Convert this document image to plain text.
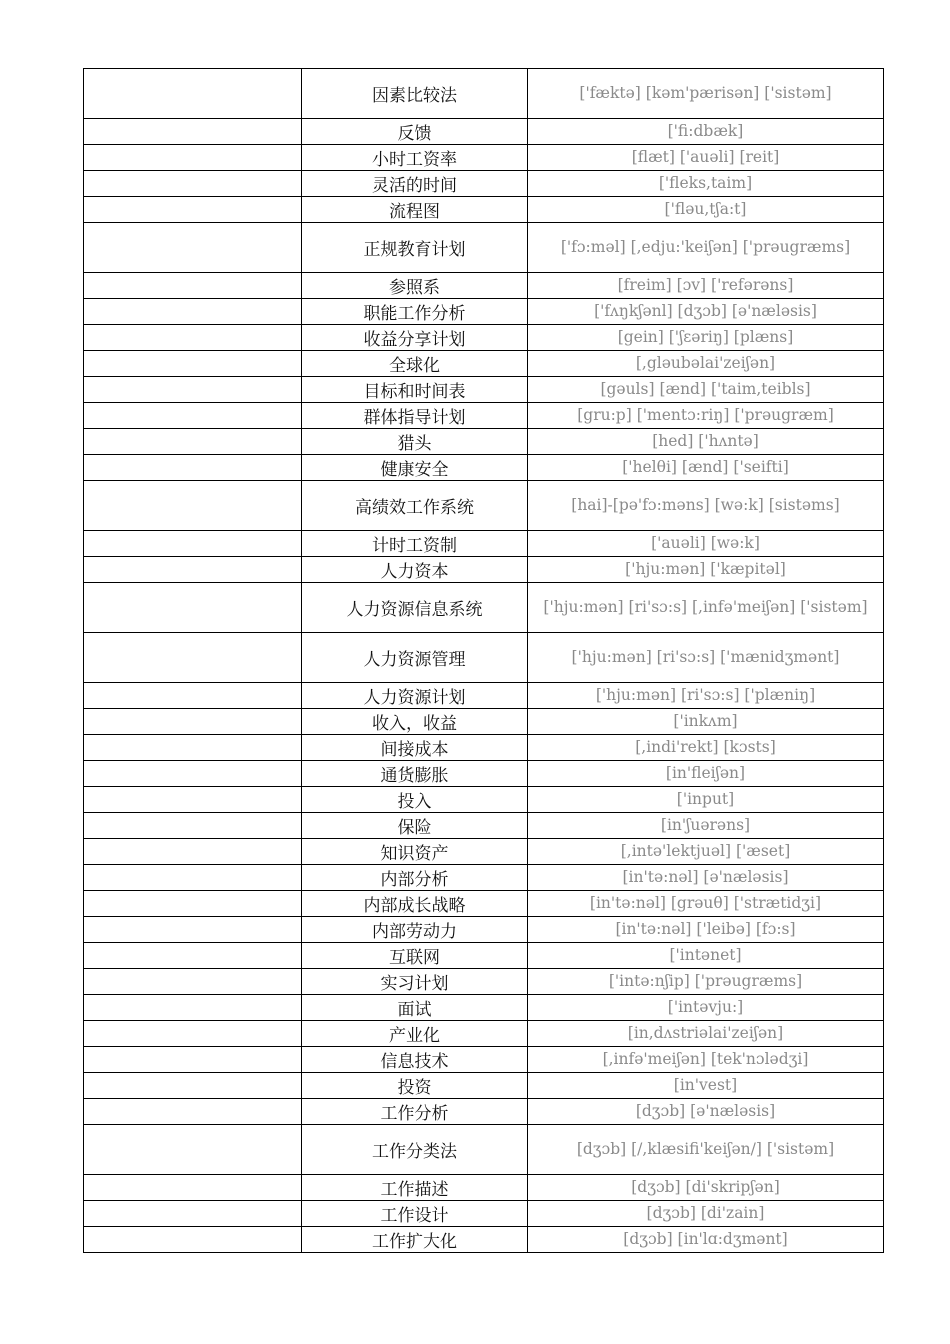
	因素比较法	['fæktə] [kəm'pærisən] ['sistəm]
	反馈	['fi:dbæk]
	小时工资率	[flæt] ['auəli] [reit]
	灵活的时间	['fleks,taim]
	流程图	['fləu,tʃa:t]
	正规教育计划	['fɔ:məl] [,edju:'keiʃən] ['prəugræms]
	参照系	[freim] [ɔv] ['refərəns]
	职能工作分析	['fʌŋkʃənl] [dʒɔb] [ə'næləsis]
	收益分享计划	[gein] ['ʃɛəriŋ] [plæns]
	全球化	[,gləubəlai'zeiʃən]
	目标和时间表	[gəuls] [ænd] ['taim,teibls]
	群体指导计划	[gru:p] ['mentɔ:riŋ] ['prəugræm]
	猎头	[hed] ['hʌntə]
	健康安全	['helθi] [ænd] ['seifti]
	高绩效工作系统	[hai]-[pə'fɔ:məns] [wə:k] [sistəms]
	计时工资制	['auəli] [wə:k]
	人力资本	['hju:mən] ['kæpitəl]
	人力资源信息系统	['hju:mən] [ri'sɔ:s] [,infə'meiʃən] ['sistəm]
	人力资源管理	['hju:mən] [ri'sɔ:s] ['mænidʒmənt]
	人力资源计划	['hju:mən] [ri'sɔ:s] ['plæniŋ]
	收入，收益	['inkʌm]
	间接成本	[,indi'rekt] [kɔsts]
	通货膨胀	[in'fleiʃən]
	投入	['input]
	保险	[in'ʃuərəns]
	知识资产	[,intə'lektjuəl] ['æset]
	内部分析	[in'tə:nəl] [ə'næləsis]
	内部成长战略	[in'tə:nəl] [grəuθ] ['strætidʒi]
	内部劳动力	[in'tə:nəl] ['leibə] [fɔ:s]
	互联网	['intənet]
	实习计划	['intə:nʃip] ['prəugræms]
	面试	['intəvju:]
	产业化	[in,dʌstriəlai'zeiʃən]
	信息技术	[,infə'meiʃən] [tek'nɔlədʒi]
	投资	[in'vest]
	工作分析	[dʒɔb] [ə'næləsis]
	工作分类法	[dʒɔb] [/,klæsifi'keiʃən/] ['sistəm]
	工作描述	[dʒɔb] [di'skripʃən]
	工作设计	[dʒɔb] [di'zain]
	工作扩大化	[dʒɔb] [in'lɑ:dʒmənt]
